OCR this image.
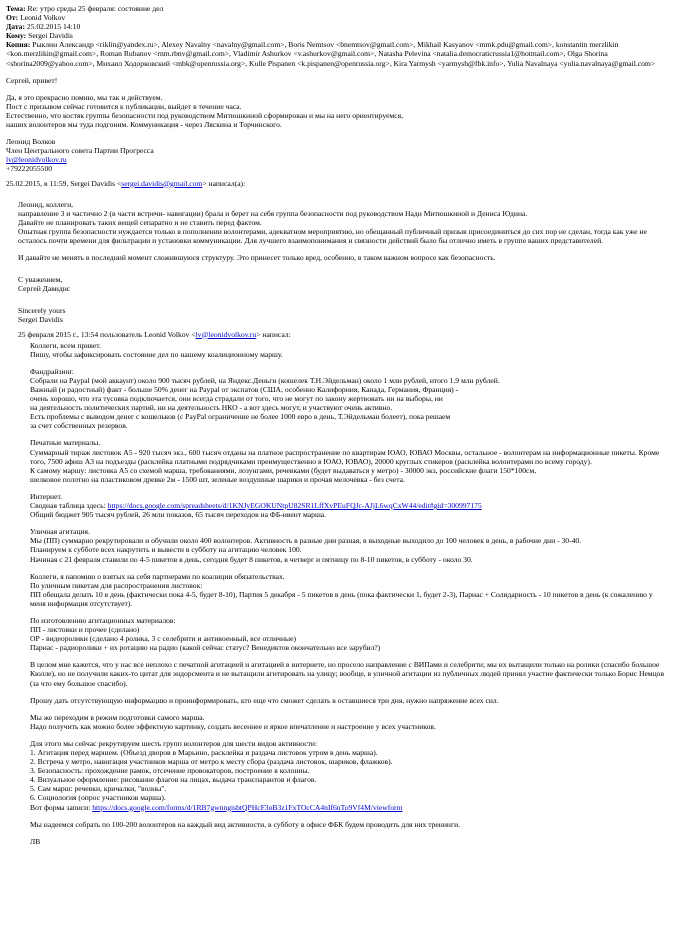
Тема: Re: утро среды 25 февраля: состояние дел

От: Leonid Volkov

Дата: 25.02.2015 14:10

Кому: Sergei Davidis

Копия: Рыклин Александр <riklin@yandex.ru>, Alexey Navalny <navalny@gmail.com>, Boris Nemtsov <bnemtsov@gmail.com>, Mikhail Kasyanov <mmk.pdu@gmail.com>, konstantin merzlikin <kon.merzlikin@gmail.com>, Roman Rubanov <rnm.rbnv@gmail.com>, Vladimir Ashurkov <v.ashurkov@gmail.com>, Natasha Pelevina <natalia.democraticrussia1@hotmail.com>, Olga Shorina <shorina2009@yahoo.com>, Михаил Ходорковский <mbk@openrussia.org>, Kulle Pispanen <k.pispanen@openrussia.org>, Kira Yarmysh <yarmysh@fbk.info>, Yulia Navalnaya <yulia.navalnaya@gmail.com>

Сергей, привет!

Да, я это прекрасно помню, мы так и действуем.

Пост с призывом сейчас готовится к публикации, выйдет в течение часа.

Естественно, что костяк группы безопасности под руководством Митюшкиной сформирован и мы на него ориентируемся,

наших волонтеров мы туда подгоним. Коммуникация - через Ляскина и Торчинского.

Леонид Волков

Член Центрального совета Партии Прогресса

lv@leonidvolkov.ru

+79222055500

25.02.2015, в 11:59, Sergei Davidis <sergei.davidis@gmail.com> написал(а):

Леонид, коллеги,

направление 3 и частично 2 (в части встречи- навигации) брала и берет на себя группа безопасности под руководством Нади Митюшкиной и Дениса Юдина.

Давайте не планировать таких вещей сепаратно и не ставить перед фактом.

Опытная группа безопасности нуждается только в пополнении волонтерами, адекватном мероприятию, но обещанный публичный призыв присоединиться до сих пор не сделан, тогда как уже не осталось почти времени для фильтрации и установки коммуникации. Для лучшего взаимопонимания и связности действий было бы отлично иметь в группе ваших представителей.

И давайте не менять в последний момент сложившуюся структуру. Это принесет только вред, особенно, в таком важном вопросе как безопасность.

С уважением,

Сергей Давидис

Sincerely yours

Sergei Davidis

25 февраля 2015 г., 13:54 пользователь Leonid Volkov <lv@leonidvolkov.ru> написал:

Коллеги, всем привет.

Пишу, чтобы зафиксировать состояние дел по нашему коалиционному маршу.

Фандрайзинг.

Собрали на Paypal (мой аккаунт) около 900 тысяч рублей, на Яндекс.Деньги (кошелек Т.Н.Эйдельман) около 1 млн рублей, итого 1.9 млн рублей.

Важный (и радостный) факт - больше 50% денег на Paypal от экспатов (США, особенно Калифорния, Канада, Германия, Франция) -

очень хорошо, что эта тусовка подключается, они всегда страдали от того, что не могут по закону жертвовать ни на выборы, ни

на деятельность политических партий, ни на деятельность НКО - а вот здесь могут, и участвуют очень активно.

Есть проблемы с выводом денег с кошельков (с PayPal ограничение не более 1000 евро в день, Т.Эйдельман болеет), пока решаем

за счет собственных резервов.

Печатные материалы.

Суммарный тираж листовок А5 - 920 тысяч экз., 600 тысяч отданы на платное распространение по квартирам ЮАО, ЮВАО Москвы, остальное - волонтерам на информационные пикеты. Кроме того, 7500 афиш А3 на подъезды (расклейка платными подрядчиками преимущественно в ЮАО, ЮВАО), 20000 круглых стикеров (расклейка волонтерами по всему городу).

К самому маршу: листовка А5 со схемой марша, требованиями, лозунгами, речевками (будет выдаваться у метро) - 30000 экз, российские флаги 150*100см,

шелковое полотно на пластиковом древке 2м - 1500 шт, зеленые воздушные шарики и прочая мелочевка - без счета.

Интернет.

Сводная таблица здесь: https://docs.google.com/spreadsheets/d/1KNJyEGOKUNtpU82SR1LffXvPEuFQJc-AJjL6wqCxW44/edit#gid=300997175

Общий бюджет 905 тысяч рублей, 26 млн показов, 65 тысяч переходов на ФБ-ивент марша.

Уличная агитация.

Мы (ПП) суммарно рекрутировали и обучили около 400 волонтеров. Активность в разные дни разная, в выходные выходило до 100 человек в день, в рабочие дни - 30-40.

Планируем к субботе всех накрутить и вывести в субботу на агитацию человек 100.

Начиная с 21 февраля ставили по 4-5 пикетов в день, сегодня будет 8 пикетов, в четверг и пятницу по 8-10 пикетов, в субботу - около 30.

Коллеги, я напомню о взятых на себя партнерами по коалиции обязательствах.

По уличным пикетам для распространения листовок:

ПП обещала делать 10 в день (фактически пока 4-5, будет 8-10), Партия 5 декабря - 5 пикетов в день (пока фактически 1, будет 2-3), Парнас + Солидарность - 10 пикетов в день (к сожалению у меня информация отсутствует).

По изготовлению агитационных материалов:

ПП - листовки и прочее (сделано)

ОР - видеоролики (сделано 4 ролика, 3 с селебрити и антивоенный, все отличные)

Парнас - радиоролики + их ротацию на радио (какой сейчас статус? Венедиктов окончательно все зарубил?)

В целом мне кажется, что у нас все неплохо с печатной агитацией и агитацией в интернете, но просело направление с ВИПами и селебрити; мы их вытащили только на ролики (спасибо большое Кюлле), но не получили каких-то цитат для эндорсмента и не вытащили агитировать на улицу; вообще, в уличной агитации из публичных людей принял участие фактически только Борис Немцов (за что ему большое спасибо).

Прошу дать отсутствующую информацию и проинформировать, кто еще что сможет сделать в оставшиеся три дня, нужно напряжение всех сил.

Мы же переходим в режим подготовки самого марша.

Надо получить как можно более эффектную картинку, создать весеннее и яркое впечатление и настроение у всех участников.

Для этого мы сейчас рекрутируем шесть групп волонтеров для шести видов активности:

1. Агитация перед маршем. (Объезд дворов в Марьино, расклейка и раздача листовок утром в день марша).

2. Встреча у метро, навигация участников марша от метро к месту сбора (раздача листовок, шариков, флажков).

3. Безопасность: прохождение рамок, отсечение провокаторов, построение в колонны.

4. Визуальное оформление: рисование флагов на лицах, выдача транспарантов и флагов.

5. Сам марш: речевки, кричалки, "волны".

6. Социология (опрос участников марша).

Вот форма записи: https://docs.google.com/forms/d/1RB7gwnngisbtQPHcF3oB3z1FxTOcCA4nIf6nTo9Vf4M/viewform

Мы надеемся собрать по 100-200 волонтеров на каждый вид активности, в субботу в офисе ФБК будем проводить для них тренинги.

ЛВ
